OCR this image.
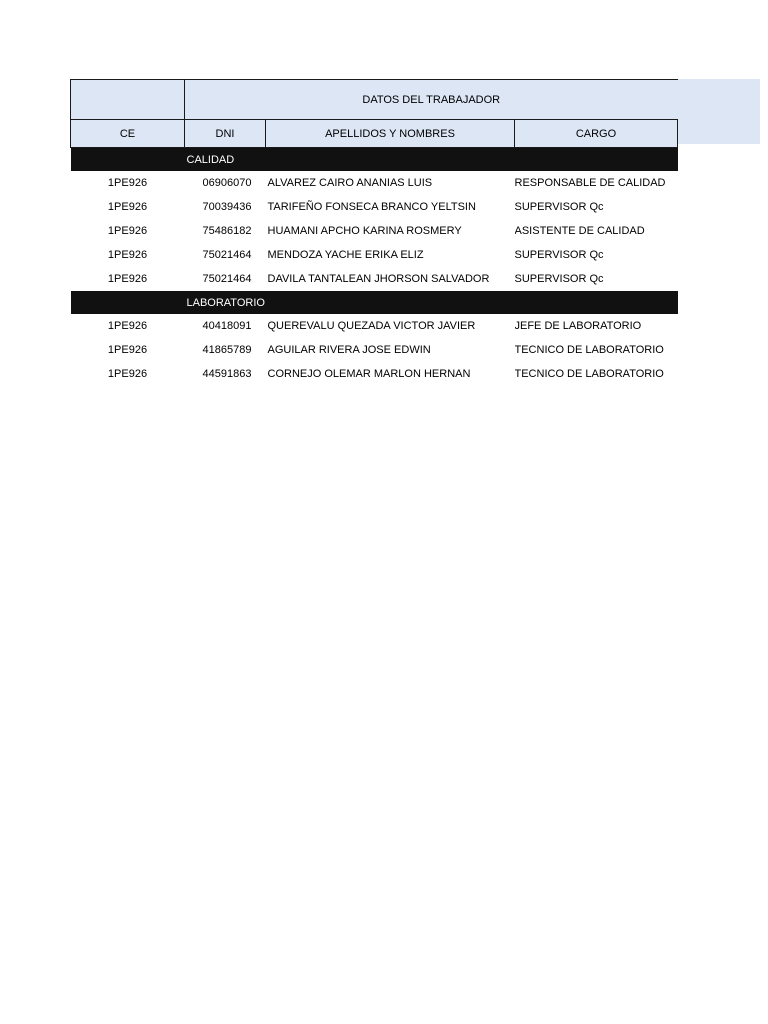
	DATOS DEL TRABAJADOR		
CE	DNI	APELLIDOS Y NOMBRES	CARGO
	CALIDAD		
1PE926	06906070	ALVAREZ CAIRO ANANIAS LUIS	RESPONSABLE DE CALIDAD
1PE926	70039436	TARIFEÑO FONSECA BRANCO YELTSIN	SUPERVISOR Qc
1PE926	75486182	HUAMANI APCHO KARINA ROSMERY	ASISTENTE DE CALIDAD
1PE926	75021464	MENDOZA YACHE ERIKA ELIZ	SUPERVISOR Qc
1PE926	75021464	DAVILA TANTALEAN JHORSON SALVADOR	SUPERVISOR Qc
	LABORATORIO		
1PE926	40418091	QUEREVALU QUEZADA VICTOR JAVIER	JEFE DE LABORATORIO
1PE926	41865789	AGUILAR RIVERA JOSE EDWIN	TECNICO DE LABORATORIO
1PE926	44591863	CORNEJO OLEMAR MARLON HERNAN	TECNICO DE LABORATORIO
